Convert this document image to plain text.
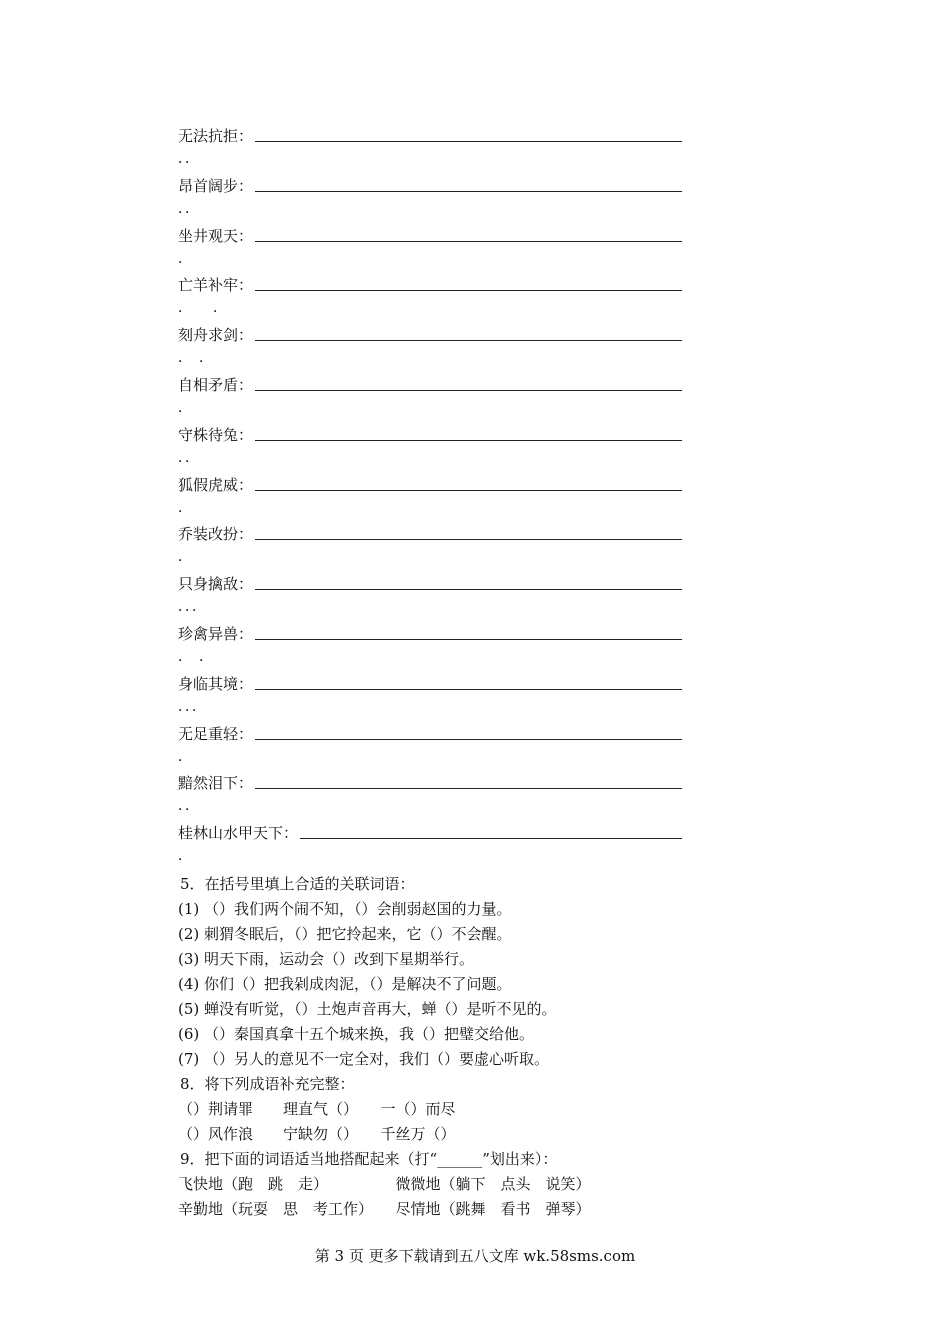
无法抗拒：
．．
昂首阔步：
．．
坐井观天：
．
亡羊补牢：
．　　．
刻舟求剑：
．　．
自相矛盾：
．
守株待兔：
．．
狐假虎威：
．
乔装改扮：
．
只身擒敌：
．．．
珍禽异兽：
．　．
身临其境：
．．．
无足重轻：
．
黯然泪下：
．．
桂林山水甲天下：
．
5．在括号里填上合适的关联词语：
(1) （）我们两个闹不知，（）会削弱赵国的力量。
(2) 刺猬冬眠后，（）把它拎起来，它（）不会醒。
(3) 明天下雨，运动会（）改到下星期举行。
(4) 你们（）把我剁成肉泥，（）是解决不了问题。
(5) 蝉没有听觉，（）土炮声音再大，蝉（）是听不见的。
(6) （）秦国真拿十五个城来换，我（）把璧交给他。
(7) （）另人的意见不一定全对，我们（）要虚心听取。
8．将下列成语补充完整：
（）荆请罪　　理直气（）　　一（）而尽
（）风作浪　　宁缺勿（）　　千丝万（）
9．把下面的词语适当地搭配起来（打“______”划出来）：
飞快地（跑　跳　走）　　　　　微微地（躺下　点头　说笑）
辛勤地（玩耍　思　考工作）　　尽情地（跳舞　看书　弹琴）
第 3 页 更多下载请到五八文库 wk.58sms.com
